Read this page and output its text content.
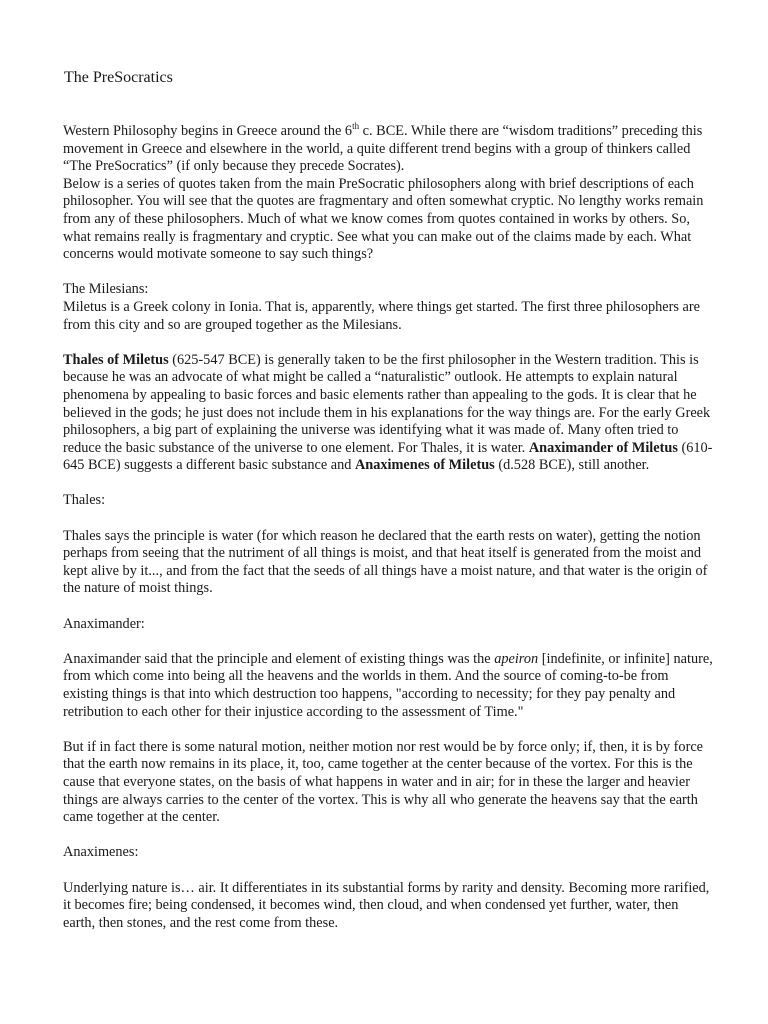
The PreSocratics

Western Philosophy begins in Greece around the 6th c. BCE. While there are “wisdom traditions” preceding this movement in Greece and elsewhere in the world, a quite different trend begins with a group of thinkers called “The PreSocratics” (if only because they precede Socrates).

Below is a series of quotes taken from the main PreSocratic philosophers along with brief descriptions of each philosopher. You will see that the quotes are fragmentary and often somewhat cryptic. No lengthy works remain from any of these philosophers. Much of what we know comes from quotes contained in works by others. So, what remains really is fragmentary and cryptic. See what you can make out of the claims made by each. What concerns would motivate someone to say such things?

The Milesians:

Miletus is a Greek colony in Ionia. That is, apparently, where things get started. The first three philosophers are from this city and so are grouped together as the Milesians.

Thales of Miletus (625-547 BCE) is generally taken to be the first philosopher in the Western tradition. This is because he was an advocate of what might be called a “naturalistic” outlook. He attempts to explain natural phenomena by appealing to basic forces and basic elements rather than appealing to the gods. It is clear that he believed in the gods; he just does not include them in his explanations for the way things are. For the early Greek philosophers, a big part of explaining the universe was identifying what it was made of. Many often tried to reduce the basic substance of the universe to one element. For Thales, it is water. Anaximander of Miletus (610-645 BCE) suggests a different basic substance and Anaximenes of Miletus (d.528 BCE), still another.

Thales:

Thales says the principle is water (for which reason he declared that the earth rests on water), getting the notion perhaps from seeing that the nutriment of all things is moist, and that heat itself is generated from the moist and kept alive by it..., and from the fact that the seeds of all things have a moist nature, and that water is the origin of the nature of moist things.

Anaximander:

Anaximander said that the principle and element of existing things was the apeiron [indefinite, or infinite] nature, from which come into being all the heavens and the worlds in them. And the source of coming-to-be from existing things is that into which destruction too happens, "according to necessity; for they pay penalty and retribution to each other for their injustice according to the assessment of Time."

But if in fact there is some natural motion, neither motion nor rest would be by force only; if, then, it is by force that the earth now remains in its place, it, too, came together at the center because of the vortex. For this is the cause that everyone states, on the basis of what happens in water and in air; for in these the larger and heavier things are always carries to the center of the vortex. This is why all who generate the heavens say that the earth came together at the center.

Anaximenes:

Underlying nature is… air. It differentiates in its substantial forms by rarity and density. Becoming more rarified, it becomes fire; being condensed, it becomes wind, then cloud, and when condensed yet further, water, then earth, then stones, and the rest come from these.
